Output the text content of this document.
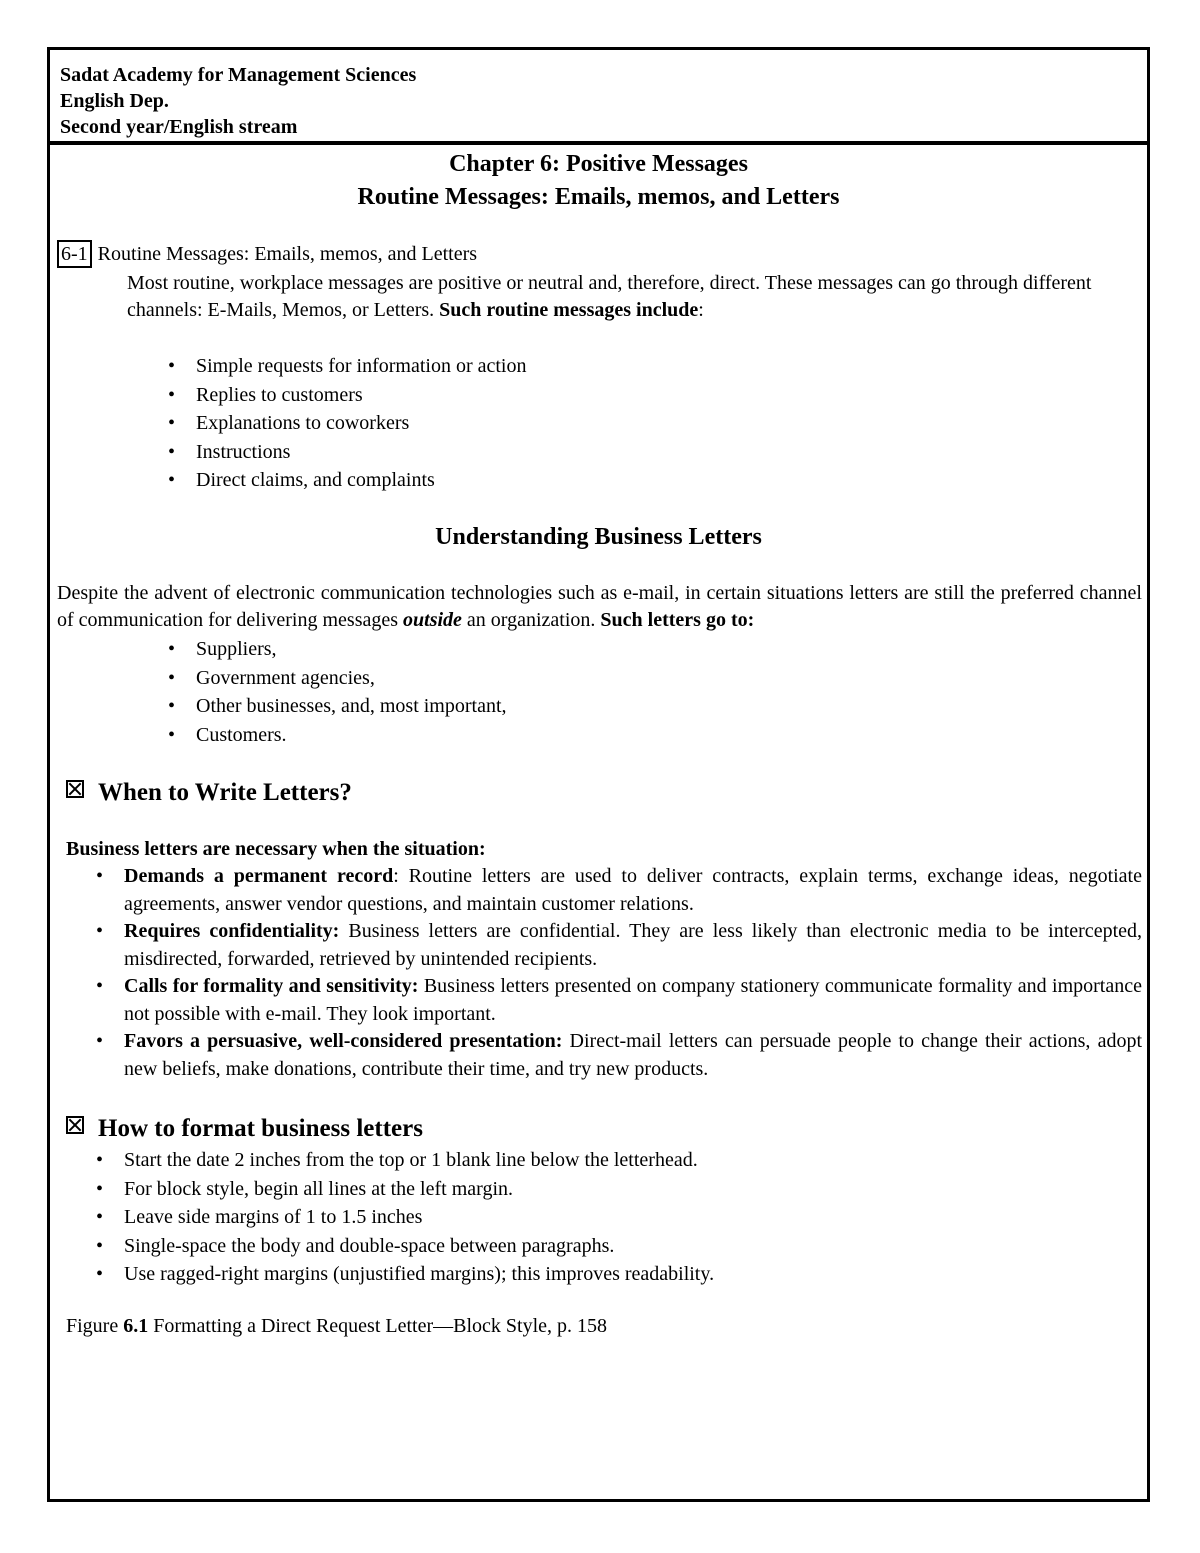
Sadat Academy for Management Sciences
English Dep.
Second year/English stream
Chapter 6: Positive Messages
Routine Messages: Emails, memos, and Letters
6-1 Routine Messages: Emails, memos, and Letters
Most routine, workplace messages are positive or neutral and, therefore, direct. These messages can go through different channels: E-Mails, Memos, or Letters. Such routine messages include:
• Simple requests for information or action
• Replies to customers
• Explanations to coworkers
• Instructions
• Direct claims, and complaints
Understanding Business Letters
Despite the advent of electronic communication technologies such as e-mail, in certain situations letters are still the preferred channel of communication for delivering messages outside an organization. Such letters go to:
• Suppliers,
• Government agencies,
• Other businesses, and, most important,
• Customers.
When to Write Letters?
Business letters are necessary when the situation:
• Demands a permanent record: Routine letters are used to deliver contracts, explain terms, exchange ideas, negotiate agreements, answer vendor questions, and maintain customer relations.
• Requires confidentiality: Business letters are confidential. They are less likely than electronic media to be intercepted, misdirected, forwarded, retrieved by unintended recipients.
• Calls for formality and sensitivity: Business letters presented on company stationery communicate formality and importance not possible with e-mail. They look important.
• Favors a persuasive, well-considered presentation: Direct-mail letters can persuade people to change their actions, adopt new beliefs, make donations, contribute their time, and try new products.
How to format business letters
• Start the date 2 inches from the top or 1 blank line below the letterhead.
• For block style, begin all lines at the left margin.
• Leave side margins of 1 to 1.5 inches
• Single-space the body and double-space between paragraphs.
• Use ragged-right margins (unjustified margins); this improves readability.
Figure 6.1 Formatting a Direct Request Letter—Block Style, p. 158
